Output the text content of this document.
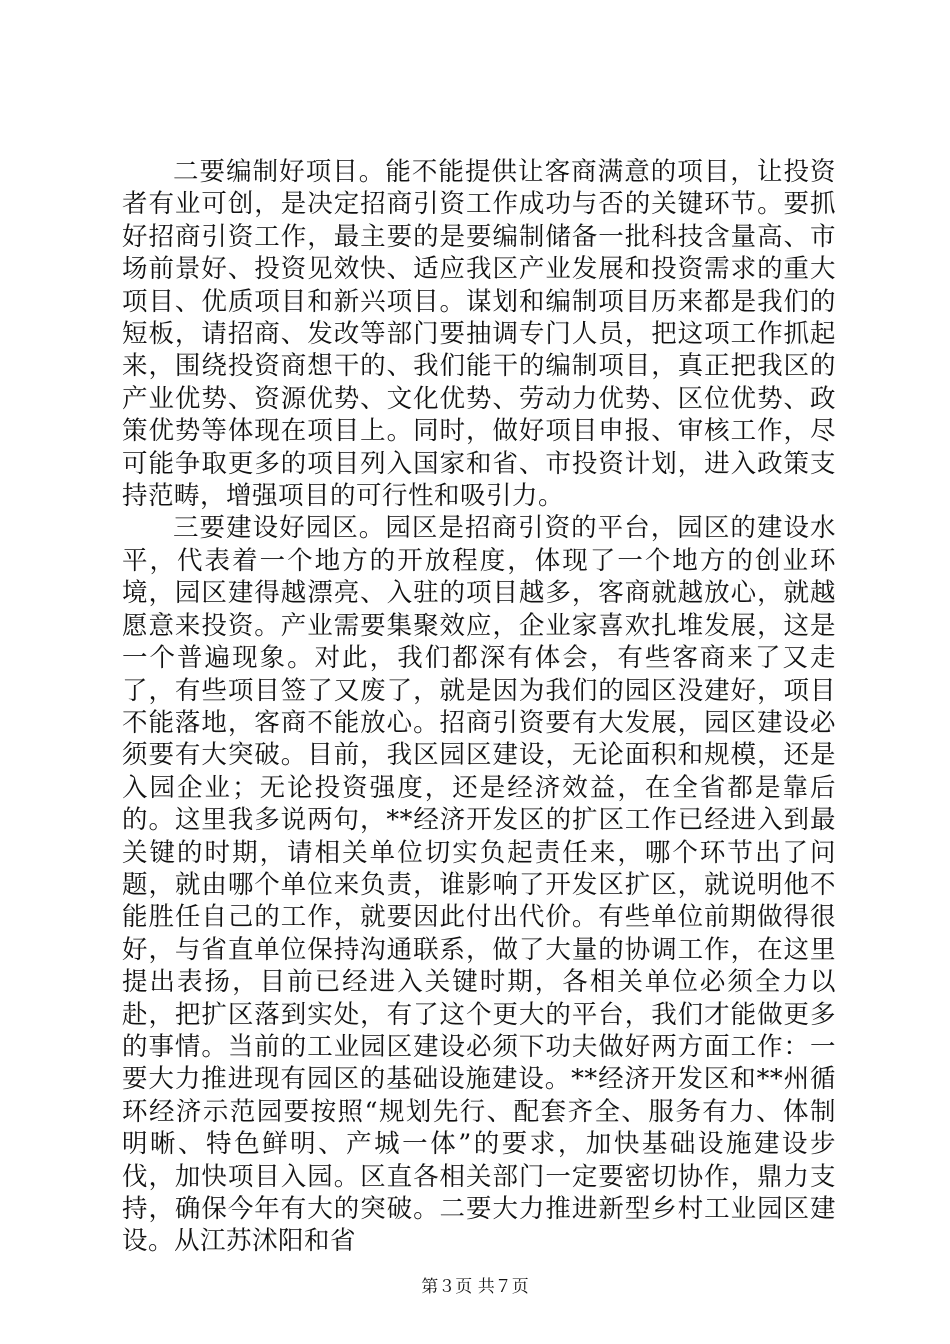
二要编制好项目。能不能提供让客商满意的项目，让投资者有业可创，是决定招商引资工作成功与否的关键环节。要抓好招商引资工作，最主要的是要编制储备一批科技含量高、市场前景好、投资见效快、适应我区产业发展和投资需求的重大项目、优质项目和新兴项目。谋划和编制项目历来都是我们的短板，请招商、发改等部门要抽调专门人员，把这项工作抓起来，围绕投资商想干的、我们能干的编制项目，真正把我区的产业优势、资源优势、文化优势、劳动力优势、区位优势、政策优势等体现在项目上。同时，做好项目申报、审核工作，尽可能争取更多的项目列入国家和省、市投资计划，进入政策支持范畴，增强项目的可行性和吸引力。

三要建设好园区。园区是招商引资的平台，园区的建设水平，代表着一个地方的开放程度，体现了一个地方的创业环境，园区建得越漂亮、入驻的项目越多，客商就越放心，就越愿意来投资。产业需要集聚效应，企业家喜欢扎堆发展，这是一个普遍现象。对此，我们都深有体会，有些客商来了又走了，有些项目签了又废了，就是因为我们的园区没建好，项目不能落地，客商不能放心。招商引资要有大发展，园区建设必须要有大突破。目前，我区园区建设，无论面积和规模，还是入园企业；无论投资强度，还是经济效益，在全省都是靠后的。这里我多说两句，**经济开发区的扩区工作已经进入到最关键的时期，请相关单位切实负起责任来，哪个环节出了问题，就由哪个单位来负责，谁影响了开发区扩区，就说明他不能胜任自己的工作，就要因此付出代价。有些单位前期做得很好，与省直单位保持沟通联系，做了大量的协调工作，在这里提出表扬，目前已经进入关键时期，各相关单位必须全力以赴，把扩区落到实处，有了这个更大的平台，我们才能做更多的事情。当前的工业园区建设必须下功夫做好两方面工作：一要大力推进现有园区的基础设施建设。**经济开发区和**州循环经济示范园要按照“规划先行、配套齐全、服务有力、体制明晰、特色鲜明、产城一体”的要求，加快基础设施建设步伐，加快项目入园。区直各相关部门一定要密切协作，鼎力支持，确保今年有大的突破。二要大力推进新型乡村工业园区建设。从江苏沭阳和省

第３页 共７页
